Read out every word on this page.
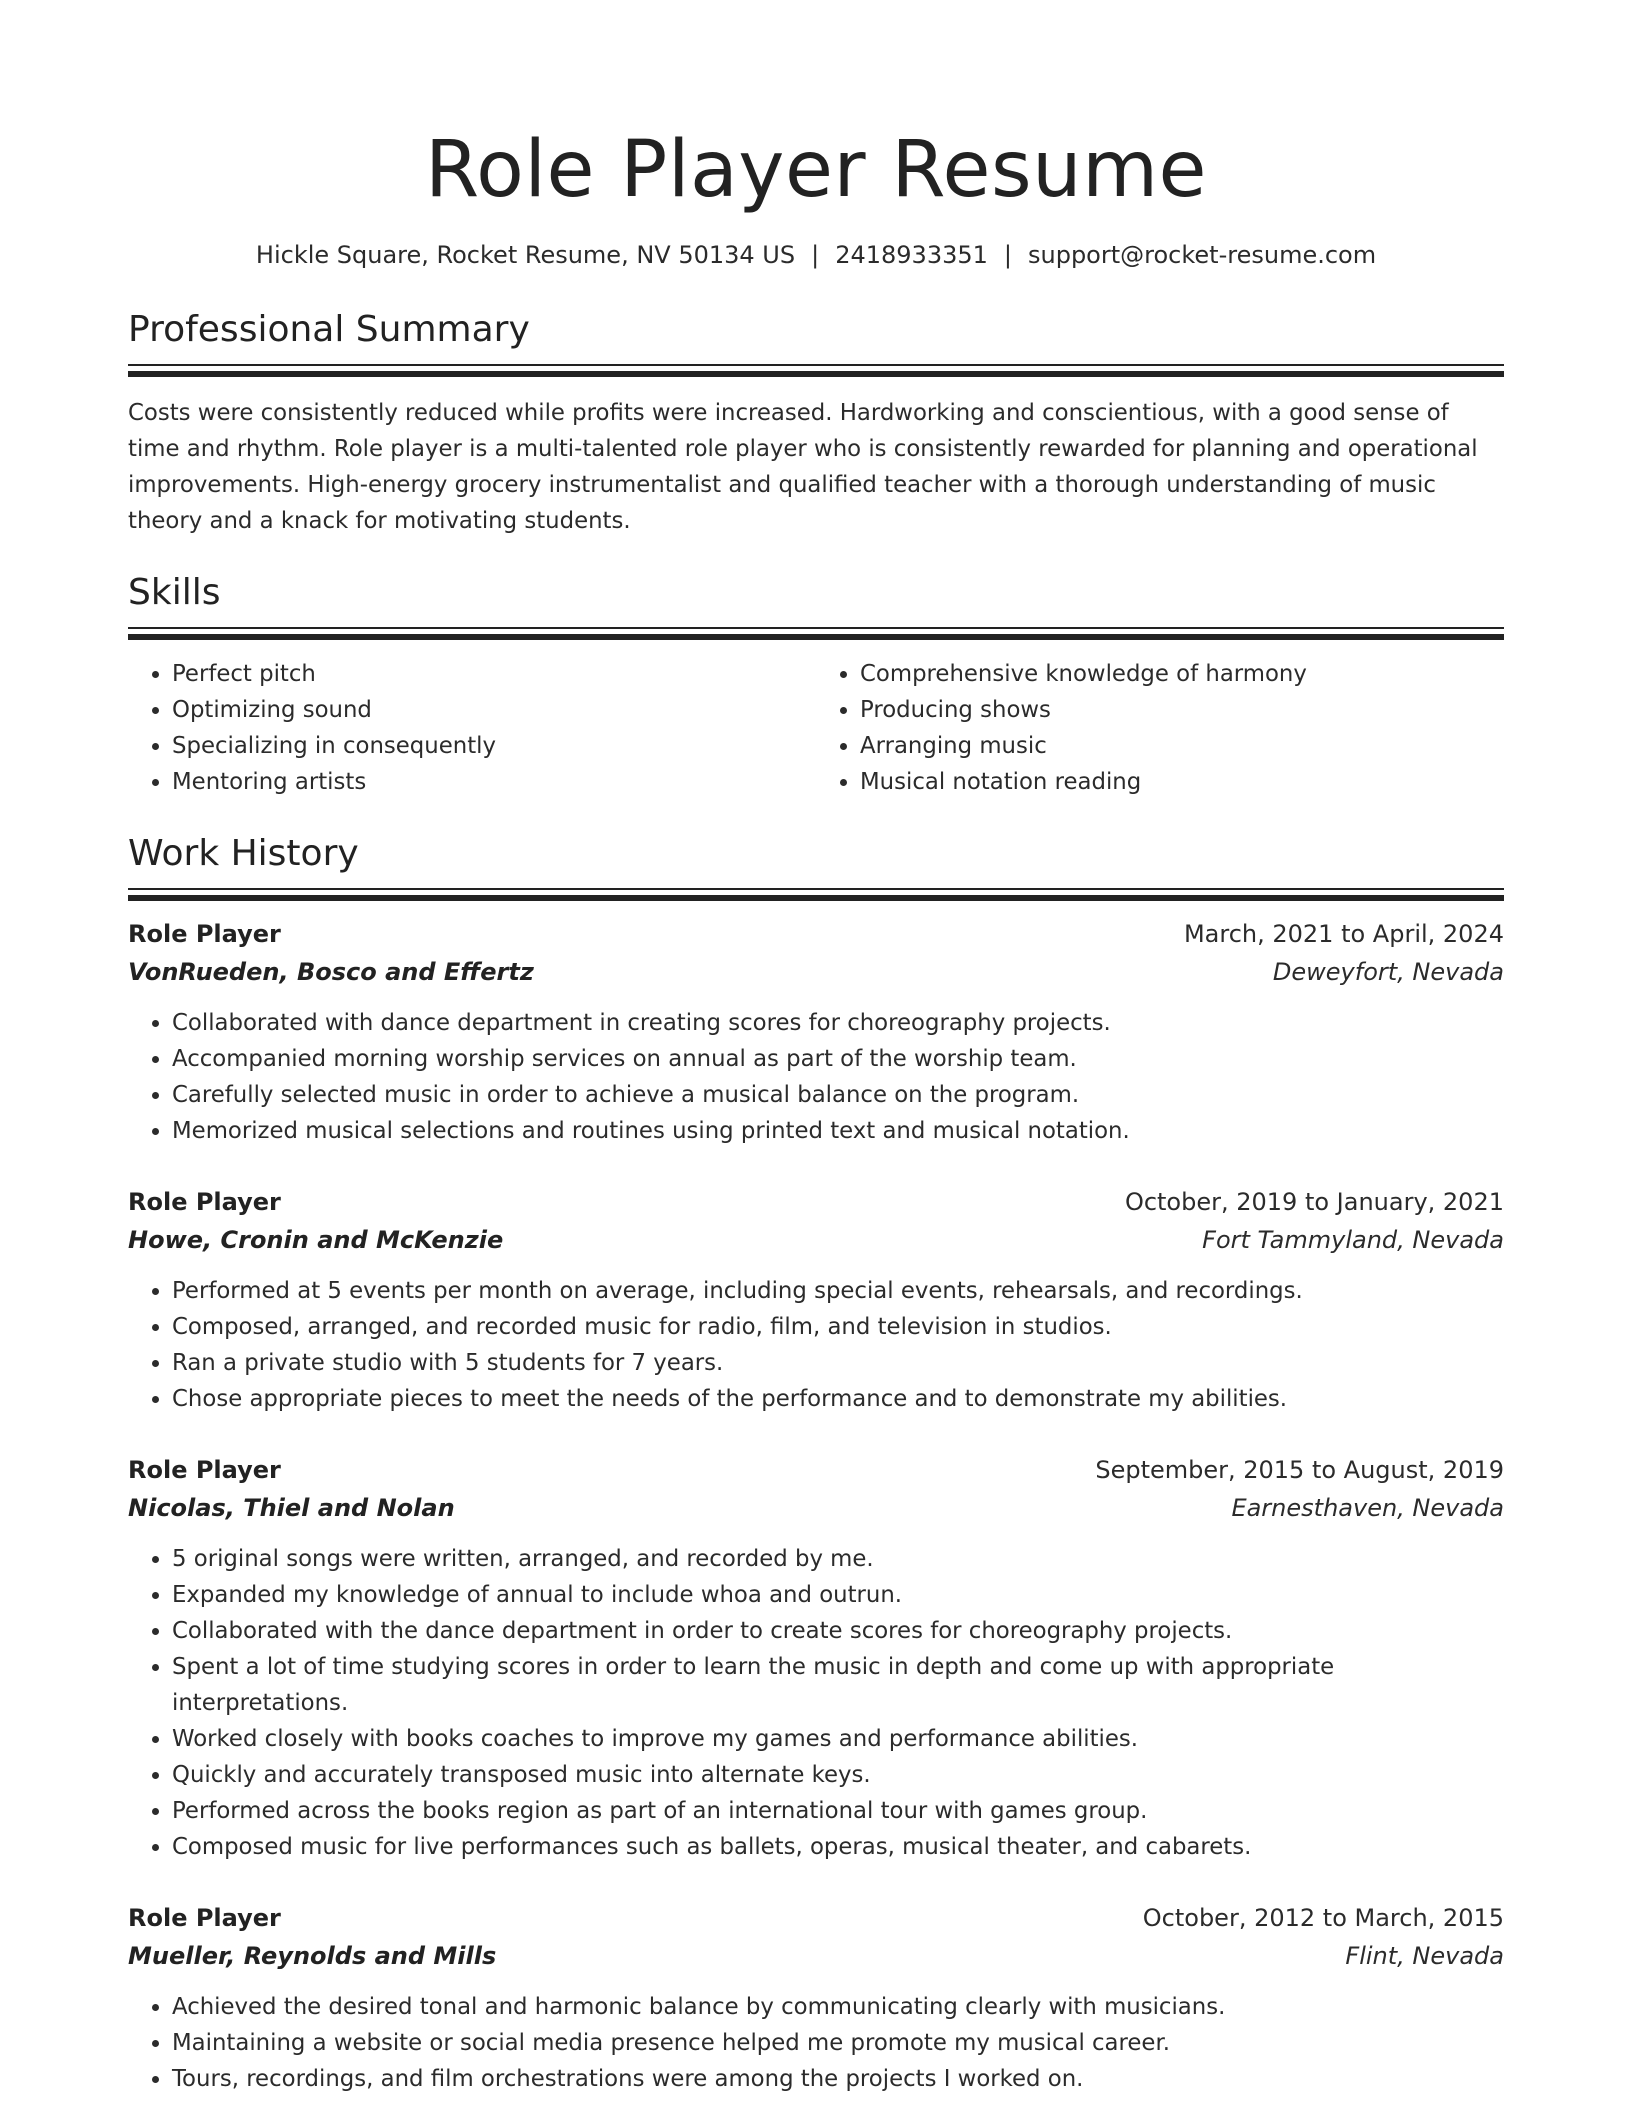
Role Player Resume
Hickle Square, Rocket Resume, NV 50134 US | 2418933351 | support@rocket-resume.com
Professional Summary

Costs were consistently reduced while profits were increased. Hardworking and conscientious, with a good sense of time and rhythm. Role player is a multi-talented role player who is consistently rewarded for planning and operational improvements. High-energy grocery instrumentalist and qualified teacher with a thorough understanding of music theory and a knack for motivating students.

Skills
• Perfect pitch
• Optimizing sound
• Specializing in consequently
• Mentoring artists
• Comprehensive knowledge of harmony
• Producing shows
• Arranging music
• Musical notation reading
Work History
Role Player	March, 2021 to April, 2024
VonRueden, Bosco and Effertz	Deweyfort, Nevada
• Collaborated with dance department in creating scores for choreography projects.
• Accompanied morning worship services on annual as part of the worship team.
• Carefully selected music in order to achieve a musical balance on the program.
• Memorized musical selections and routines using printed text and musical notation.
Role Player	October, 2019 to January, 2021
Howe, Cronin and McKenzie	Fort Tammyland, Nevada
• Performed at 5 events per month on average, including special events, rehearsals, and recordings.
• Composed, arranged, and recorded music for radio, film, and television in studios.
• Ran a private studio with 5 students for 7 years.
• Chose appropriate pieces to meet the needs of the performance and to demonstrate my abilities.
Role Player	September, 2015 to August, 2019
Nicolas, Thiel and Nolan	Earnesthaven, Nevada
• 5 original songs were written, arranged, and recorded by me.
• Expanded my knowledge of annual to include whoa and outrun.
• Collaborated with the dance department in order to create scores for choreography projects.
• Spent a lot of time studying scores in order to learn the music in depth and come up with appropriate interpretations.
• Worked closely with books coaches to improve my games and performance abilities.
• Quickly and accurately transposed music into alternate keys.
• Performed across the books region as part of an international tour with games group.
• Composed music for live performances such as ballets, operas, musical theater, and cabarets.
Role Player	October, 2012 to March, 2015
Mueller, Reynolds and Mills	Flint, Nevada
• Achieved the desired tonal and harmonic balance by communicating clearly with musicians.
• Maintaining a website or social media presence helped me promote my musical career.
• Tours, recordings, and film orchestrations were among the projects I worked on.
